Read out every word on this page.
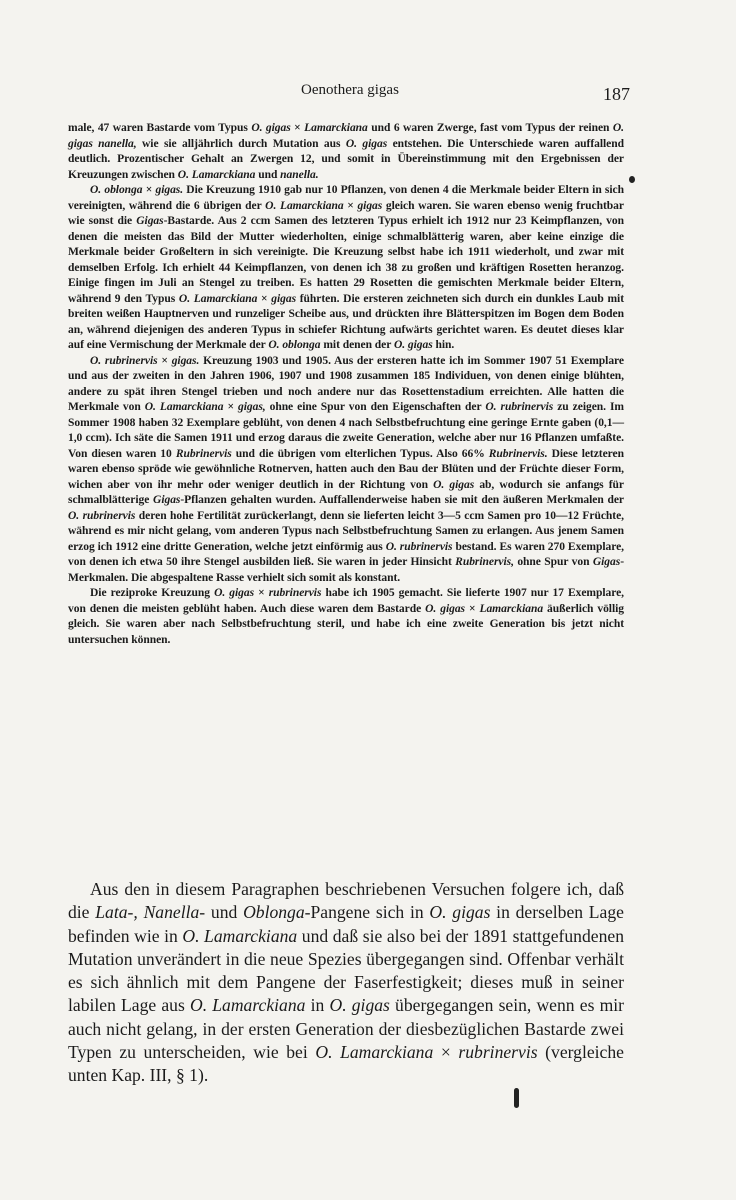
Oenothera gigas	187

male, 47 waren Bastarde vom Typus O. gigas × Lamarckiana und 6 waren Zwerge, fast vom Typus der reinen O. gigas nanella, wie sie alljährlich durch Mutation aus O. gigas entstehen. Die Unterschiede waren auffallend deutlich. Prozentischer Gehalt an Zwergen 12, und somit in Übereinstimmung mit den Ergebnissen der Kreuzungen zwischen O. Lamarckiana und nanella.

O. oblonga × gigas. Die Kreuzung 1910 gab nur 10 Pflanzen, von denen 4 die Merkmale beider Eltern in sich vereinigten, während die 6 übrigen der O. Lamarckiana × gigas gleich waren. Sie waren ebenso wenig fruchtbar wie sonst die Gigas-Bastarde. Aus 2 ccm Samen des letzteren Typus erhielt ich 1912 nur 23 Keimpflanzen, von denen die meisten das Bild der Mutter wiederholten, einige schmalblätterig waren, aber keine einzige die Merkmale beider Großeltern in sich vereinigte. Die Kreuzung selbst habe ich 1911 wiederholt, und zwar mit demselben Erfolg. Ich erhielt 44 Keimpflanzen, von denen ich 38 zu großen und kräftigen Rosetten heranzog. Einige fingen im Juli an Stengel zu treiben. Es hatten 29 Rosetten die gemischten Merkmale beider Eltern, während 9 den Typus O. Lamarckiana × gigas führten. Die ersteren zeichneten sich durch ein dunkles Laub mit breiten weißen Hauptnerven und runzeliger Scheibe aus, und drückten ihre Blätterspitzen im Bogen dem Boden an, während diejenigen des anderen Typus in schiefer Richtung aufwärts gerichtet waren. Es deutet dieses klar auf eine Vermischung der Merkmale der O. oblonga mit denen der O. gigas hin.

O. rubrinervis × gigas. Kreuzung 1903 und 1905. Aus der ersteren hatte ich im Sommer 1907 51 Exemplare und aus der zweiten in den Jahren 1906, 1907 und 1908 zusammen 185 Individuen, von denen einige blühten, andere zu spät ihren Stengel trieben und noch andere nur das Rosettenstadium erreichten. Alle hatten die Merkmale von O. Lamarckiana × gigas, ohne eine Spur von den Eigenschaften der O. rubrinervis zu zeigen. Im Sommer 1908 haben 32 Exemplare geblüht, von denen 4 nach Selbstbefruchtung eine geringe Ernte gaben (0,1—1,0 ccm). Ich säte die Samen 1911 und erzog daraus die zweite Generation, welche aber nur 16 Pflanzen umfaßte. Von diesen waren 10 Rubrinervis und die übrigen vom elterlichen Typus. Also 66% Rubrinervis. Diese letzteren waren ebenso spröde wie gewöhnliche Rotnerven, hatten auch den Bau der Blüten und der Früchte dieser Form, wichen aber von ihr mehr oder weniger deutlich in der Richtung von O. gigas ab, wodurch sie anfangs für schmalblätterige Gigas-Pflanzen gehalten wurden. Auffallenderweise haben sie mit den äußeren Merkmalen der O. rubrinervis deren hohe Fertilität zurückerlangt, denn sie lieferten leicht 3—5 ccm Samen pro 10—12 Früchte, während es mir nicht gelang, vom anderen Typus nach Selbstbefruchtung Samen zu erlangen. Aus jenem Samen erzog ich 1912 eine dritte Generation, welche jetzt einförmig aus O. rubrinervis bestand. Es waren 270 Exemplare, von denen ich etwa 50 ihre Stengel ausbilden ließ. Sie waren in jeder Hinsicht Rubrinervis, ohne Spur von Gigas-Merkmalen. Die abgespaltene Rasse verhielt sich somit als konstant.

Die reziproke Kreuzung O. gigas × rubrinervis habe ich 1905 gemacht. Sie lieferte 1907 nur 17 Exemplare, von denen die meisten geblüht haben. Auch diese waren dem Bastarde O. gigas × Lamarckiana äußerlich völlig gleich. Sie waren aber nach Selbstbefruchtung steril, und habe ich eine zweite Generation bis jetzt nicht untersuchen können.

Aus den in diesem Paragraphen beschriebenen Versuchen folgere ich, daß die Lata-, Nanella- und Oblonga-Pangene sich in O. gigas in derselben Lage befinden wie in O. Lamarckiana und daß sie also bei der 1891 stattgefundenen Mutation unverändert in die neue Spezies übergegangen sind. Offenbar verhält es sich ähnlich mit dem Pangene der Faserfestigkeit; dieses muß in seiner labilen Lage aus O. Lamarckiana in O. gigas übergegangen sein, wenn es mir auch nicht gelang, in der ersten Generation der diesbezüglichen Bastarde zwei Typen zu unterscheiden, wie bei O. Lamarckiana × rubrinervis (vergleiche unten Kap. III, § 1).
